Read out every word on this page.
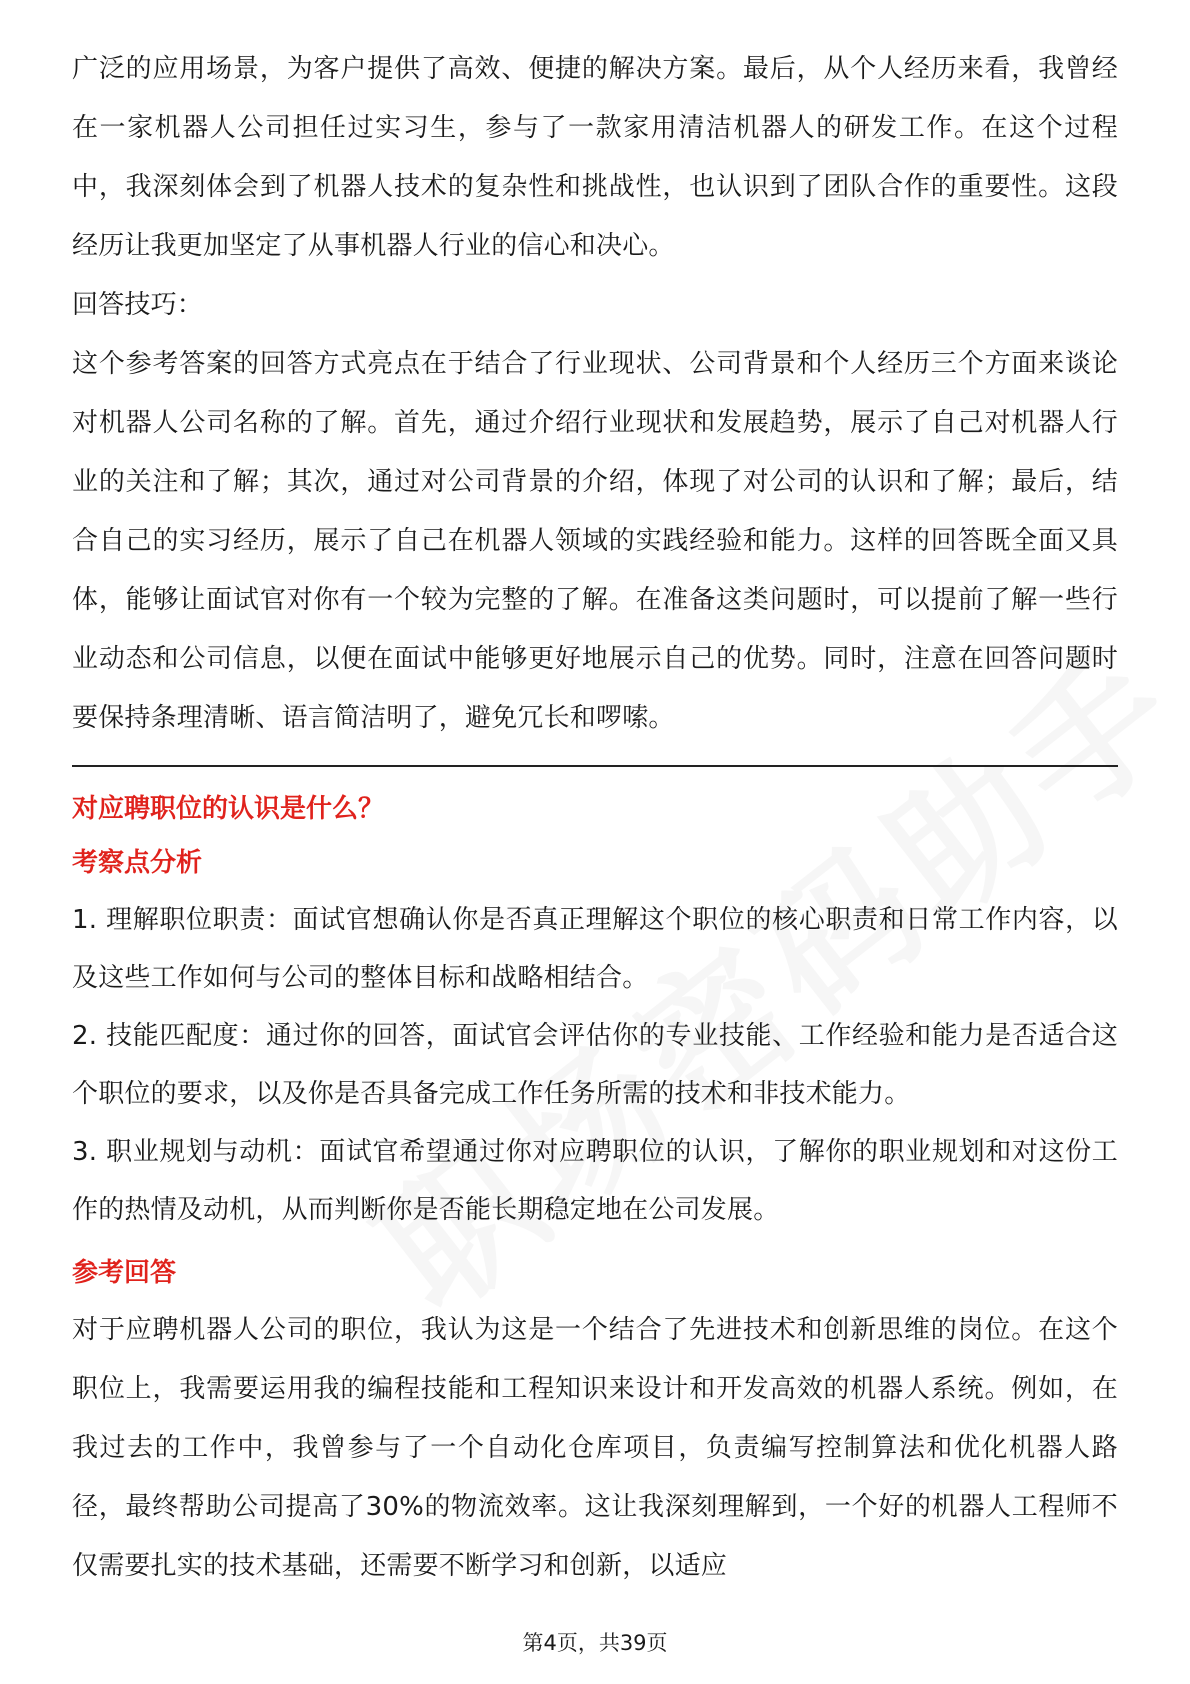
广泛的应用场景，为客户提供了高效、便捷的解决方案。最后，从个人经历来看，我曾经在一家机器人公司担任过实习生，参与了一款家用清洁机器人的研发工作。在这个过程中，我深刻体会到了机器人技术的复杂性和挑战性，也认识到了团队合作的重要性。这段经历让我更加坚定了从事机器人行业的信心和决心。

回答技巧：

这个参考答案的回答方式亮点在于结合了行业现状、公司背景和个人经历三个方面来谈论对机器人公司名称的了解。首先，通过介绍行业现状和发展趋势，展示了自己对机器人行业的关注和了解；其次，通过对公司背景的介绍，体现了对公司的认识和了解；最后，结合自己的实习经历，展示了自己在机器人领域的实践经验和能力。这样的回答既全面又具体，能够让面试官对你有一个较为完整的了解。在准备这类问题时，可以提前了解一些行业动态和公司信息，以便在面试中能够更好地展示自己的优势。同时，注意在回答问题时要保持条理清晰、语言简洁明了，避免冗长和啰嗦。

对应聘职位的认识是什么？
考察点分析

1. 理解职位职责：面试官想确认你是否真正理解这个职位的核心职责和日常工作内容，以及这些工作如何与公司的整体目标和战略相结合。

2. 技能匹配度：通过你的回答，面试官会评估你的专业技能、工作经验和能力是否适合这个职位的要求，以及你是否具备完成工作任务所需的技术和非技术能力。

3. 职业规划与动机：面试官希望通过你对应聘职位的认识，了解你的职业规划和对这份工作的热情及动机，从而判断你是否能长期稳定地在公司发展。

参考回答

对于应聘机器人公司的职位，我认为这是一个结合了先进技术和创新思维的岗位。在这个职位上，我需要运用我的编程技能和工程知识来设计和开发高效的机器人系统。例如，在我过去的工作中，我曾参与了一个自动化仓库项目，负责编写控制算法和优化机器人路径，最终帮助公司提高了30%的物流效率。这让我深刻理解到，一个好的机器人工程师不仅需要扎实的技术基础，还需要不断学习和创新，以适应

第4页，共39页
